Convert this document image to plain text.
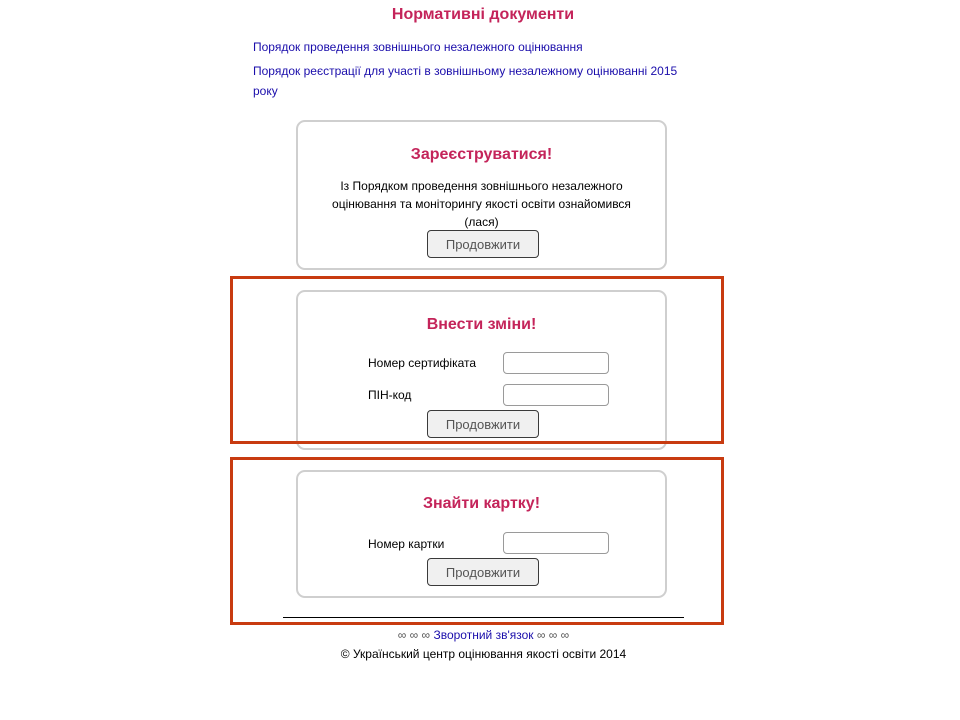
Нормативні документи
Порядок проведення зовнішнього незалежного оцінювання
Порядок реєстрації для участі в зовнішньому незалежному оцінюванні 2015 року
Зареєструватися!
Із Порядком проведення зовнішнього незалежного оцінювання та моніторингу якості освіти ознайомився (лася)
Продовжити
Внести зміни!
Номер сертифіката
ПІН-код
Продовжити
Знайти картку!
Номер картки
Продовжити
∞ ∞ ∞ Зворотний зв'язок ∞ ∞ ∞
© Український центр оцінювання якості освіти 2014
